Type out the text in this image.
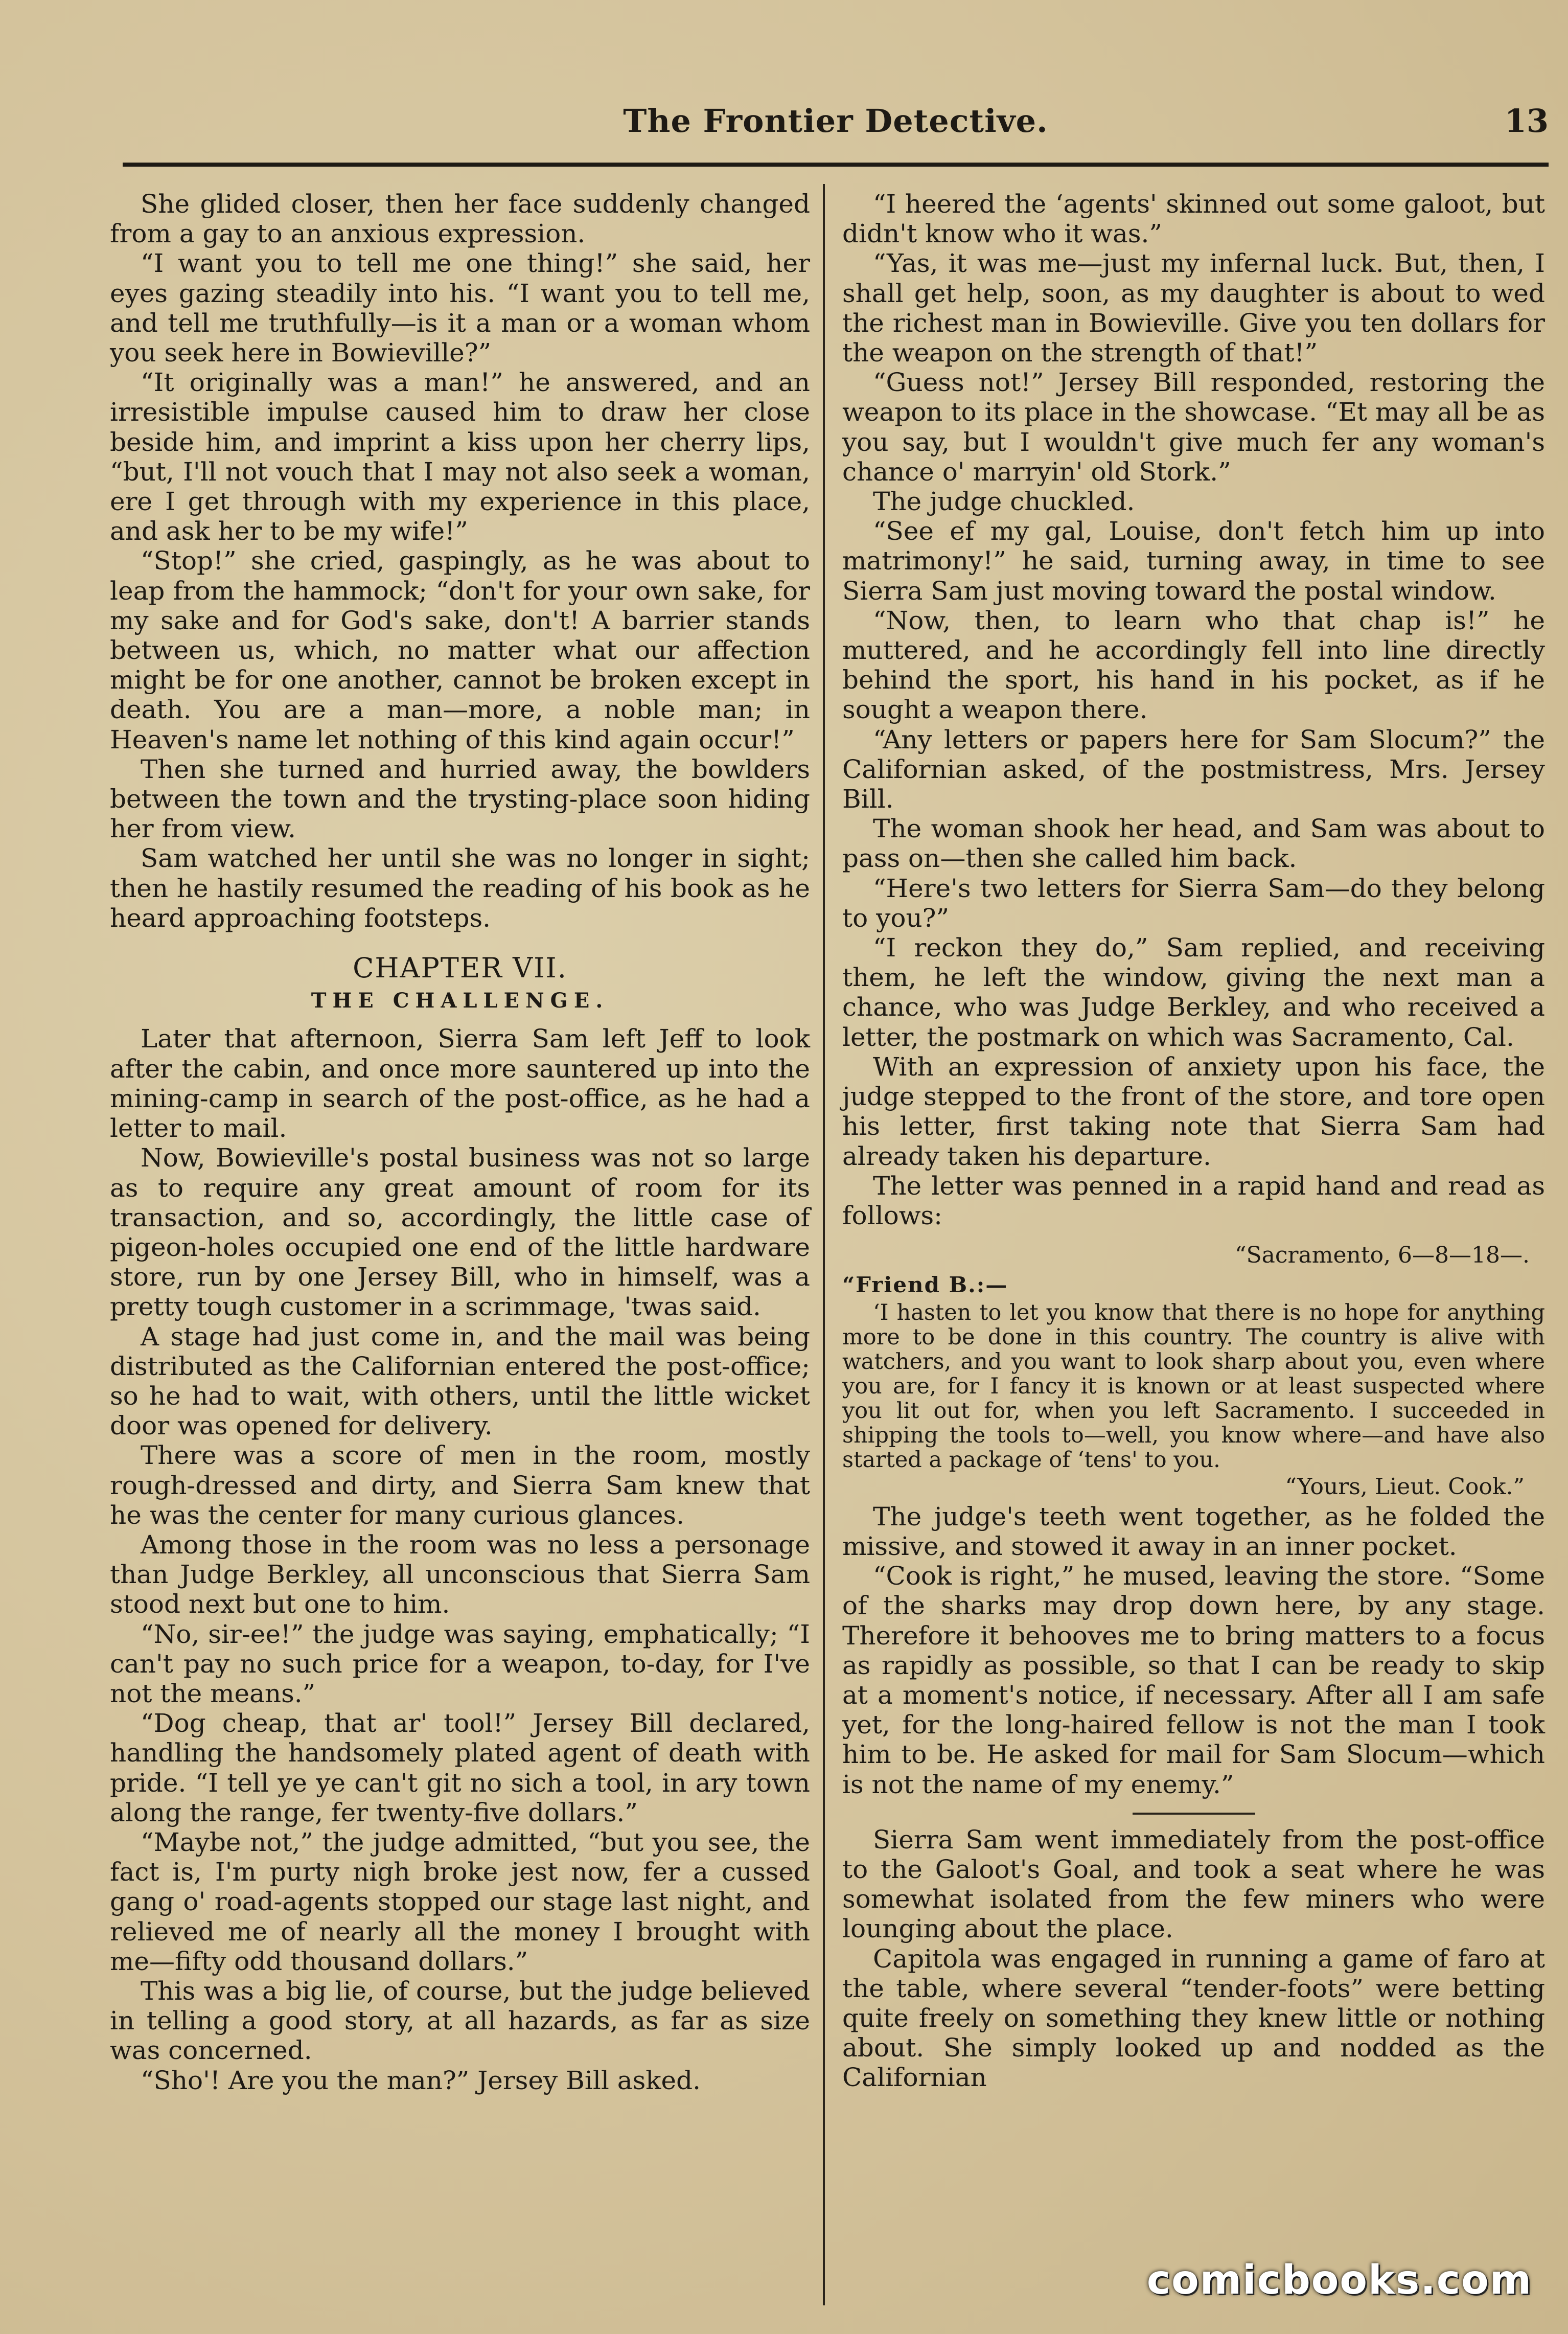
The Frontier Detective.	13

She glided closer, then her face suddenly changed from a gay to an anxious expression.

“I want you to tell me one thing!” she said, her eyes gazing steadily into his. “I want you to tell me, and tell me truthfully—is it a man or a woman whom you seek here in Bowieville?”

“It originally was a man!” he answered, and an irresistible impulse caused him to draw her close beside him, and imprint a kiss upon her cherry lips, “but, I'll not vouch that I may not also seek a woman, ere I get through with my experience in this place, and ask her to be my wife!”

“Stop!” she cried, gaspingly, as he was about to leap from the hammock; “don't for your own sake, for my sake and for God's sake, don't! A barrier stands between us, which, no matter what our affection might be for one another, cannot be broken except in death. You are a man—more, a noble man; in Heaven's name let nothing of this kind again occur!”

Then she turned and hurried away, the bowlders between the town and the trysting-place soon hiding her from view.

Sam watched her until she was no longer in sight; then he hastily resumed the reading of his book as he heard approaching footsteps.

CHAPTER VII.
THE CHALLENGE.

Later that afternoon, Sierra Sam left Jeff to look after the cabin, and once more sauntered up into the mining-camp in search of the post-office, as he had a letter to mail.

Now, Bowieville's postal business was not so large as to require any great amount of room for its transaction, and so, accordingly, the little case of pigeon-holes occupied one end of the little hardware store, run by one Jersey Bill, who in himself, was a pretty tough customer in a scrimmage, 'twas said.

A stage had just come in, and the mail was being distributed as the Californian entered the post-office; so he had to wait, with others, until the little wicket door was opened for delivery.

There was a score of men in the room, mostly rough-dressed and dirty, and Sierra Sam knew that he was the center for many curious glances.

Among those in the room was no less a personage than Judge Berkley, all unconscious that Sierra Sam stood next but one to him.

“No, sir-ee!” the judge was saying, emphatically; “I can't pay no such price for a weapon, to-day, for I've not the means.”

“Dog cheap, that ar' tool!” Jersey Bill declared, handling the handsomely plated agent of death with pride. “I tell ye ye can't git no sich a tool, in ary town along the range, fer twenty-five dollars.”

“Maybe not,” the judge admitted, “but you see, the fact is, I'm purty nigh broke jest now, fer a cussed gang o' road-agents stopped our stage last night, and relieved me of nearly all the money I brought with me—fifty odd thousand dollars.”

This was a big lie, of course, but the judge believed in telling a good story, at all hazards, as far as size was concerned.

“Sho'! Are you the man?” Jersey Bill asked.

“I heered the ‘agents' skinned out some galoot, but didn't know who it was.”

“Yas, it was me—just my infernal luck. But, then, I shall get help, soon, as my daughter is about to wed the richest man in Bowieville. Give you ten dollars for the weapon on the strength of that!”

“Guess not!” Jersey Bill responded, restoring the weapon to its place in the showcase. “Et may all be as you say, but I wouldn't give much fer any woman's chance o' marryin' old Stork.”

The judge chuckled.

“See ef my gal, Louise, don't fetch him up into matrimony!” he said, turning away, in time to see Sierra Sam just moving toward the postal window.

“Now, then, to learn who that chap is!” he muttered, and he accordingly fell into line directly behind the sport, his hand in his pocket, as if he sought a weapon there.

“Any letters or papers here for Sam Slocum?” the Californian asked, of the postmistress, Mrs. Jersey Bill.

The woman shook her head, and Sam was about to pass on—then she called him back.

“Here's two letters for Sierra Sam—do they belong to you?”

“I reckon they do,” Sam replied, and receiving them, he left the window, giving the next man a chance, who was Judge Berkley, and who received a letter, the postmark on which was Sacramento, Cal.

With an expression of anxiety upon his face, the judge stepped to the front of the store, and tore open his letter, first taking note that Sierra Sam had already taken his departure.

The letter was penned in a rapid hand and read as follows:

“Sacramento, 6—8—18—.
“Friend B.:—

‘I hasten to let you know that there is no hope for anything more to be done in this country. The country is alive with watchers, and you want to look sharp about you, even where you are, for I fancy it is known or at least suspected where you lit out for, when you left Sacramento. I succeeded in shipping the tools to—well, you know where—and have also started a package of ‘tens' to you.

“Yours, Lieut. Cook.”

The judge's teeth went together, as he folded the missive, and stowed it away in an inner pocket.

“Cook is right,” he mused, leaving the store. “Some of the sharks may drop down here, by any stage. Therefore it behooves me to bring matters to a focus as rapidly as possible, so that I can be ready to skip at a moment's notice, if necessary. After all I am safe yet, for the long-haired fellow is not the man I took him to be. He asked for mail for Sam Slocum—which is not the name of my enemy.”

Sierra Sam went immediately from the post-office to the Galoot's Goal, and took a seat where he was somewhat isolated from the few miners who were lounging about the place.

Capitola was engaged in running a game of faro at the table, where several “tender-foots” were betting quite freely on something they knew little or nothing about. She simply looked up and nodded as the Californian

comicbooks.com
